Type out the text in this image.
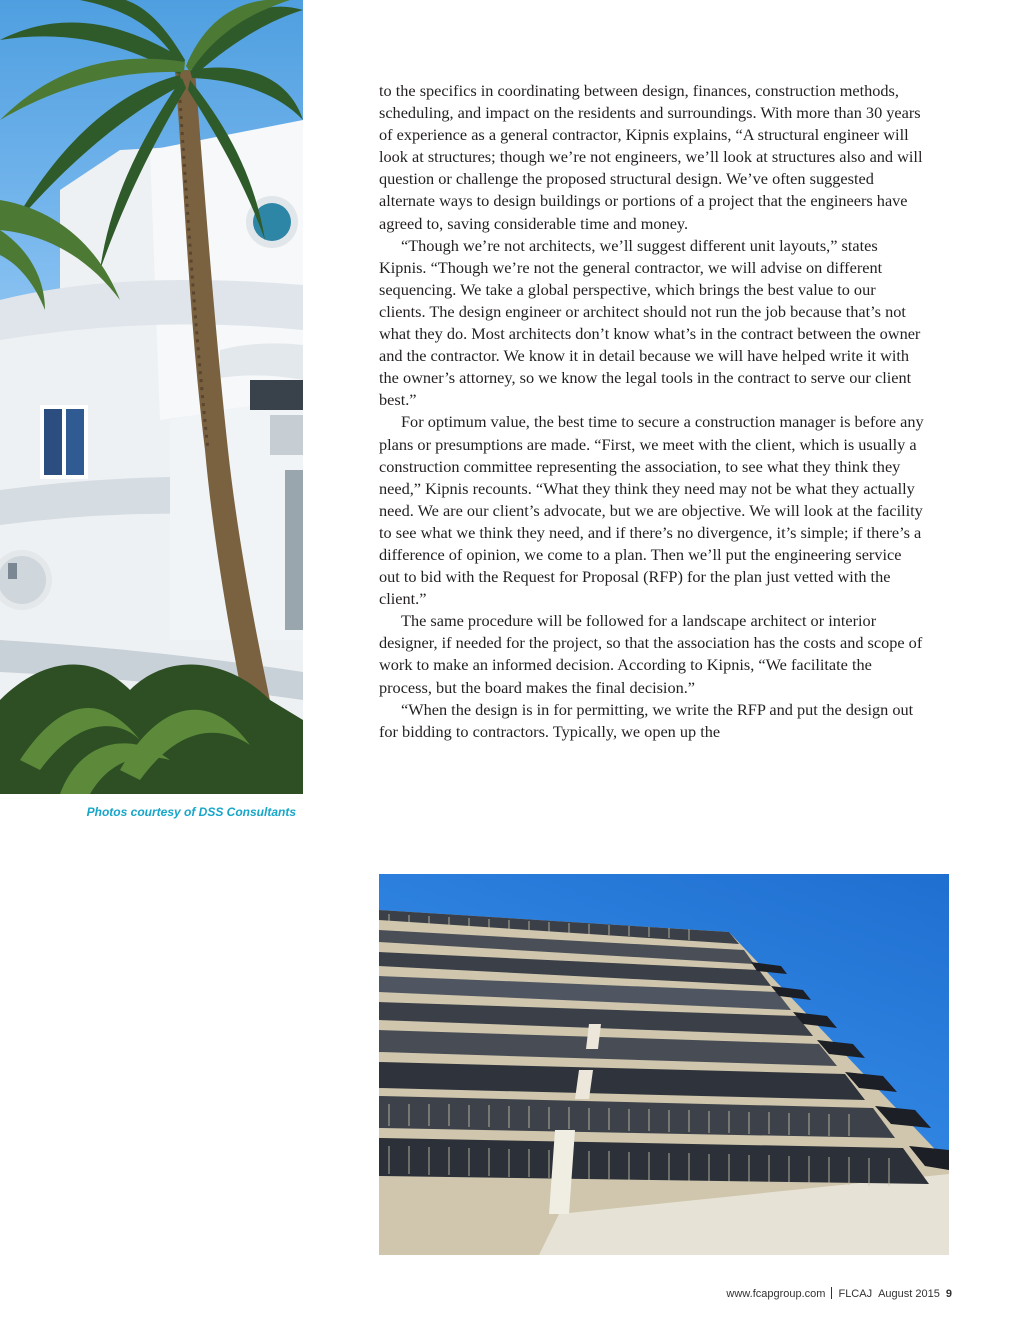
Photos courtesy of DSS Consultants

to the specifics in coordinating between design, finances, construction methods, scheduling, and impact on the residents and surroundings. With more than 30 years of experience as a general contractor, Kipnis explains, “A structural engineer will look at structures; though we’re not engineers, we’ll look at structures also and will question or challenge the proposed structural design. We’ve often suggested alternate ways to design buildings or portions of a project that the engineers have agreed to, saving considerable time and money.

“Though we’re not architects, we’ll suggest different unit layouts,” states Kipnis. “Though we’re not the general contractor, we will advise on different sequencing. We take a global perspective, which brings the best value to our clients. The design engineer or architect should not run the job because that’s not what they do. Most architects don’t know what’s in the contract between the owner and the contractor. We know it in detail because we will have helped write it with the owner’s attorney, so we know the legal tools in the contract to serve our client best.”

For optimum value, the best time to secure a construction manager is before any plans or presumptions are made. “First, we meet with the client, which is usually a construction committee representing the association, to see what they think they need,” Kipnis recounts. “What they think they need may not be what they actually need. We are our client’s advocate, but we are objective. We will look at the facility to see what we think they need, and if there’s no divergence, it’s simple; if there’s a difference of opinion, we come to a plan. Then we’ll put the engineering service out to bid with the Request for Proposal (RFP) for the plan just vetted with the client.”

The same procedure will be followed for a landscape architect or interior designer, if needed for the project, so that the association has the costs and scope of work to make an informed decision. According to Kipnis, “We facilitate the process, but the board makes the final decision.”

“When the design is in for permitting, we write the RFP and put the design out for bidding to contractors. Typically, we open up the

www.fcapgroup.com FLCAJ August 2015 9
